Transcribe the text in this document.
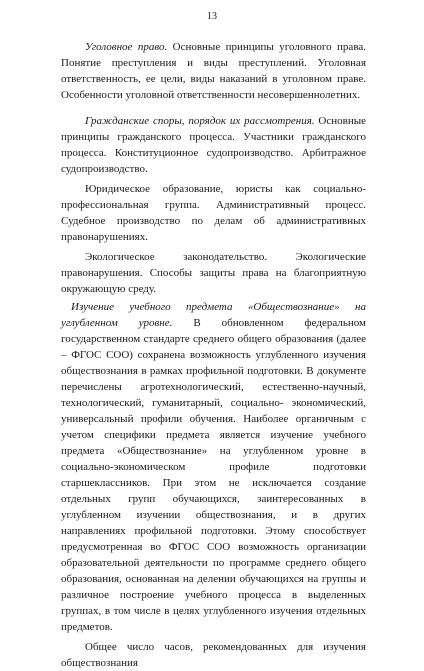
13

Уголовное право. Основные принципы уголовного права. Понятие преступления и виды преступлений. Уголовная ответственность, ее цели, виды наказаний в уголовном праве. Особенности уголовной ответственности несовершеннолетних.

Гражданские споры, порядок их рассмотрения. Основные принципы гражданского процесса. Участники гражданского процесса. Конституционное судопроизводство. Арбитражное судопроизводство.

Юридическое образование, юристы как социально-профессиональная группа. Административный процесс. Судебное производство по делам об административных правонарушениях.

Экологическое законодательство. Экологические правонарушения. Способы защиты права на благоприятную окружающую среду.

Изучение учебного предмета «Обществознание» на углубленном уровне. В обновленном федеральном государственном стандарте среднего общего образования (далее – ФГОС СОО) сохранена возможность углубленного изучения обществознания в рамках профильной подготовки. В документе перечислены агротехнологический, естественно-научный, технологический, гуманитарный, социально- экономический, универсальный профили обучения. Наиболее органичным с учетом специфики предмета является изучение учебного предмета «Обществознание» на углубленном уровне в социально-экономическом профиле подготовки старшеклассников. При этом не исключается создание отдельных групп обучающихся, заинтересованных в углубленном изучении обществознания, и в других направлениях профильной подготовки. Этому способствует предусмотренная во ФГОС СОО возможность организации образовательной деятельности по программе среднего общего образования, основанная на делении обучающихся на группы и различное построение учебного процесса в выделенных группах, в том числе в целях углубленного изучения отдельных предметов.

Общее число часов, рекомендованных для изучения обществознания
